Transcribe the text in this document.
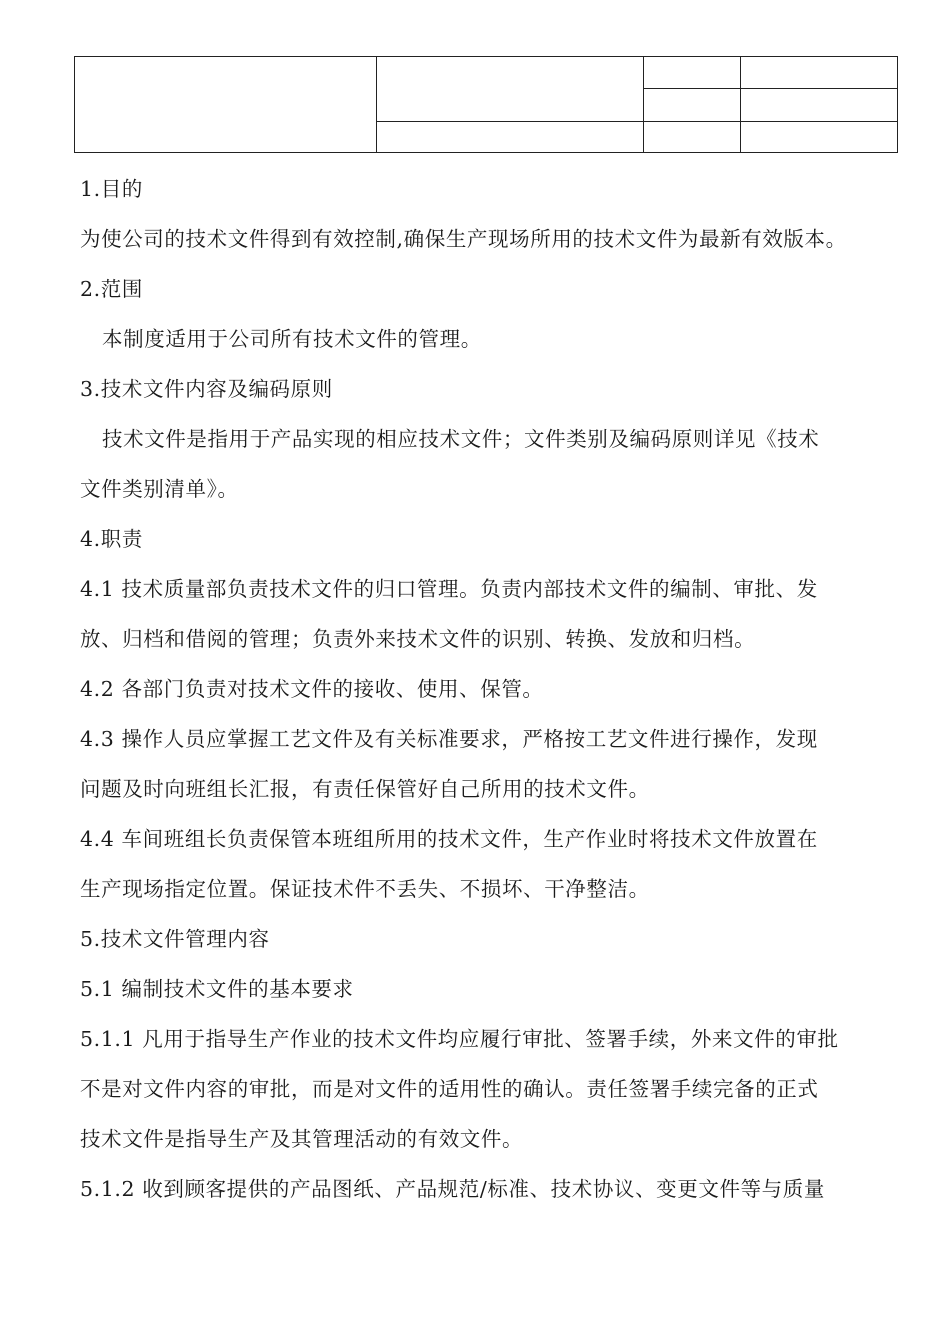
1.目的
为使公司的技术文件得到有效控制,确保生产现场所用的技术文件为最新有效版本。
2.范围
本制度适用于公司所有技术文件的管理。
3.技术文件内容及编码原则
技术文件是指用于产品实现的相应技术文件；文件类别及编码原则详见《技术
文件类别清单》。
4.职责
4.1 技术质量部负责技术文件的归口管理。负责内部技术文件的编制、审批、发
放、归档和借阅的管理；负责外来技术文件的识别、转换、发放和归档。
4.2 各部门负责对技术文件的接收、使用、保管。
4.3 操作人员应掌握工艺文件及有关标准要求，严格按工艺文件进行操作，发现
问题及时向班组长汇报，有责任保管好自己所用的技术文件。
4.4 车间班组长负责保管本班组所用的技术文件，生产作业时将技术文件放置在
生产现场指定位置。保证技术件不丢失、不损坏、干净整洁。
5.技术文件管理内容
5.1 编制技术文件的基本要求
5.1.1 凡用于指导生产作业的技术文件均应履行审批、签署手续，外来文件的审批
不是对文件内容的审批，而是对文件的适用性的确认。责任签署手续完备的正式
技术文件是指导生产及其管理活动的有效文件。
5.1.2 收到顾客提供的产品图纸、产品规范/标准、技术协议、变更文件等与质量
